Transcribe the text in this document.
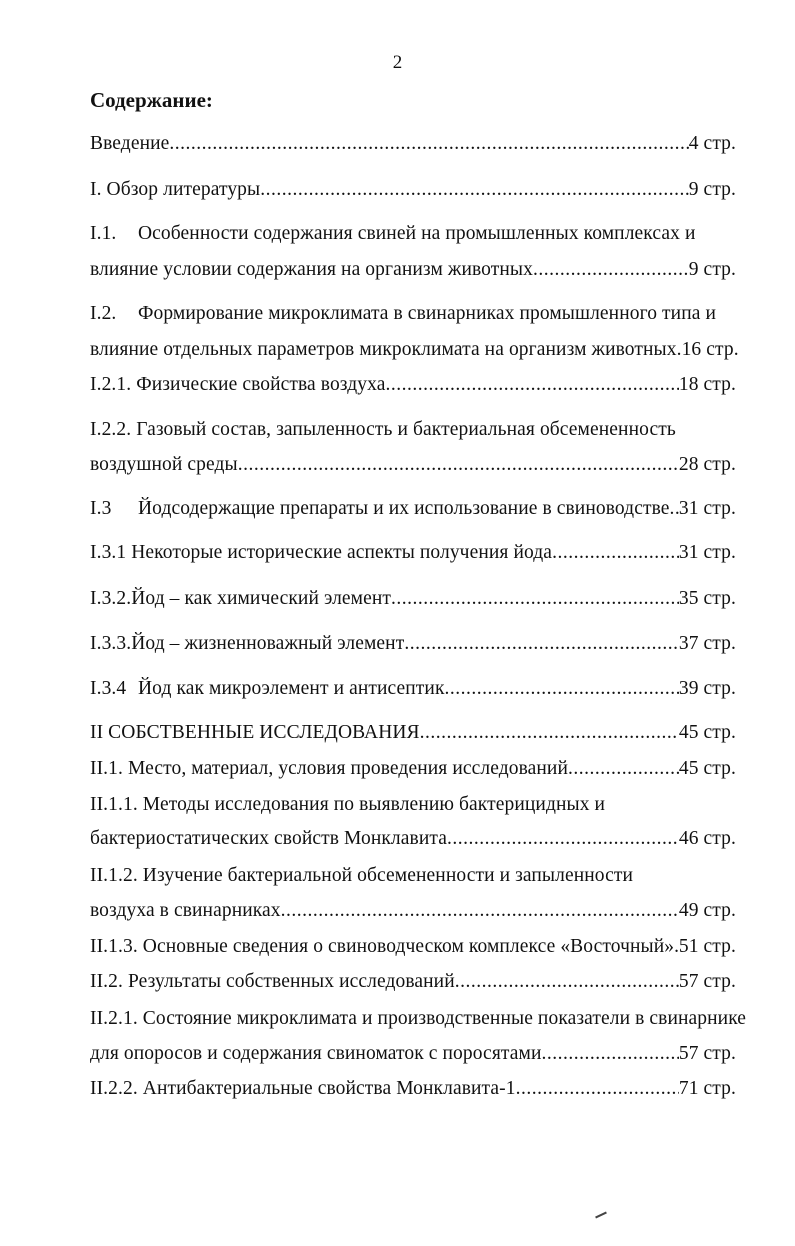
2
Содержание:
Введение .....	4 стр.
I. Обзор литературы .....	9 стр.
I.1. Особенности содержания свиней на промышленных комплексах и
влияние условии содержания на организм животных .....	9 стр.
I.2. Формирование микроклимата в свинарниках промышленного типа и
влияние отдельных параметров микроклимата на организм животных. 16 стр.
I.2.1. Физические свойства воздуха .....	18 стр.
I.2.2. Газовый состав, запыленность и бактериальная обсемененность
воздушной среды .....	28 стр.
I.3 Йодсодержащие препараты и их использование в свиноводстве ..... 31 стр.
I.3.1 Некоторые исторические аспекты получения йода .....	31 стр.
I.3.2.Йод – как химический элемент .....	35 стр.
I.3.3.Йод – жизненноважный элемент .....	37 стр.
I.3.4 Йод как микроэлемент и антисептик .....	39 стр.
II СОБСТВЕННЫЕ ИССЛЕДОВАНИЯ .....	45 стр.
II.1. Место, материал, условия проведения исследований .....	45 стр.
II.1.1. Методы исследования по выявлению бактерицидных и
бактериостатических свойств Монклавита .....	46 стр.
II.1.2. Изучение бактериальной обсемененности и запыленности
воздуха в свинарниках .....	49 стр.
II.1.3. Основные сведения о свиноводческом комплексе «Восточный» ..... 51 стр.
II.2. Результаты собственных исследований .....	57 стр.
II.2.1. Состояние микроклимата и производственные показатели в свинарнике
для опоросов и содержания свиноматок с поросятами .....	57 стр.
II.2.2. Антибактериальные свойства Монклавита-1 .....	71 стр.
